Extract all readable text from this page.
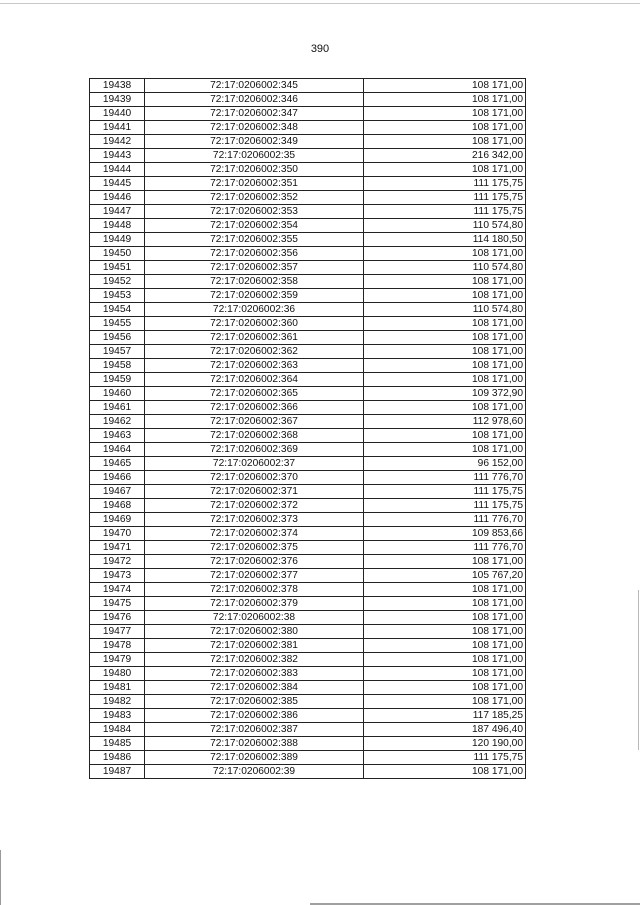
390
19438	72:17:0206002:345	108 171,00
19439	72:17:0206002:346	108 171,00
19440	72:17:0206002:347	108 171,00
19441	72:17:0206002:348	108 171,00
19442	72:17:0206002:349	108 171,00
19443	72:17:0206002:35	216 342,00
19444	72:17:0206002:350	108 171,00
19445	72:17:0206002:351	111 175,75
19446	72:17:0206002:352	111 175,75
19447	72:17:0206002:353	111 175,75
19448	72:17:0206002:354	110 574,80
19449	72:17:0206002:355	114 180,50
19450	72:17:0206002:356	108 171,00
19451	72:17:0206002:357	110 574,80
19452	72:17:0206002:358	108 171,00
19453	72:17:0206002:359	108 171,00
19454	72:17:0206002:36	110 574,80
19455	72:17:0206002:360	108 171,00
19456	72:17:0206002:361	108 171,00
19457	72:17:0206002:362	108 171,00
19458	72:17:0206002:363	108 171,00
19459	72:17:0206002:364	108 171,00
19460	72:17:0206002:365	109 372,90
19461	72:17:0206002:366	108 171,00
19462	72:17:0206002:367	112 978,60
19463	72:17:0206002:368	108 171,00
19464	72:17:0206002:369	108 171,00
19465	72:17:0206002:37	96 152,00
19466	72:17:0206002:370	111 776,70
19467	72:17:0206002:371	111 175,75
19468	72:17:0206002:372	111 175,75
19469	72:17:0206002:373	111 776,70
19470	72:17:0206002:374	109 853,66
19471	72:17:0206002:375	111 776,70
19472	72:17:0206002:376	108 171,00
19473	72:17:0206002:377	105 767,20
19474	72:17:0206002:378	108 171,00
19475	72:17:0206002:379	108 171,00
19476	72:17:0206002:38	108 171,00
19477	72:17:0206002:380	108 171,00
19478	72:17:0206002:381	108 171,00
19479	72:17:0206002:382	108 171,00
19480	72:17:0206002:383	108 171,00
19481	72:17:0206002:384	108 171,00
19482	72:17:0206002:385	108 171,00
19483	72:17:0206002:386	117 185,25
19484	72:17:0206002:387	187 496,40
19485	72:17:0206002:388	120 190,00
19486	72:17:0206002:389	111 175,75
19487	72:17:0206002:39	108 171,00
